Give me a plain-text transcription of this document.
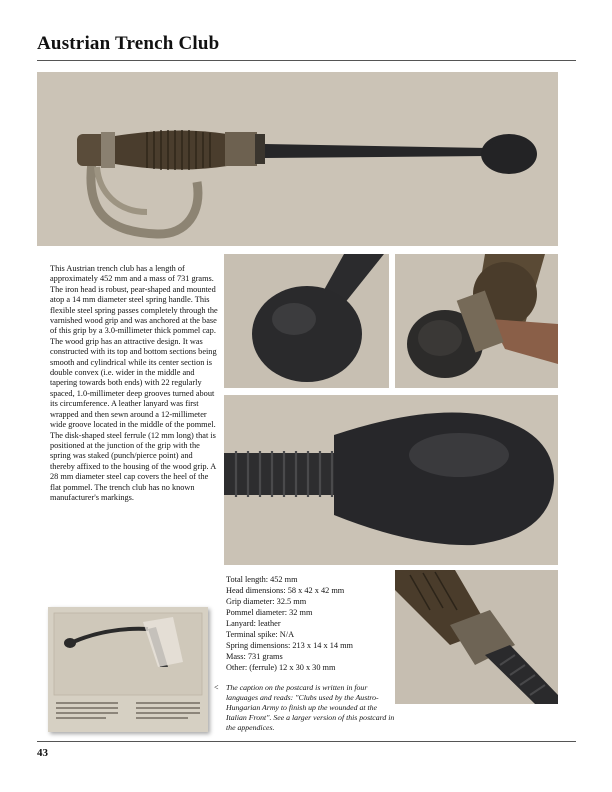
Austrian Trench Club
This Austrian trench club has a length of approximately 452 mm and a mass of 731 grams. The iron head is robust, pear-shaped and mounted atop a 14 mm diameter steel spring handle. This flexible steel spring passes completely through the varnished wood grip and was anchored at the base of this grip by a 3.0-millimeter thick pommel cap. The wood grip has an attractive design. It was constructed with its top and bottom sections being smooth and cylindrical while its center section is double convex (i.e. wider in the middle and tapering towards both ends) with 22 regularly spaced, 1.0-millimeter deep grooves turned about its circumference. A leather lanyard was first wrapped and then sewn around a 12-millimeter wide groove located in the middle of the pommel. The disk-shaped steel ferrule (12 mm long) that is positioned at the junction of the grip with the spring was staked (punch/pierce point) and thereby affixed to the housing of the wood grip. A 28 mm diameter steel cap covers the heel of the flat pommel. The trench club has no known manufacturer's markings.
Total length: 452 mm
Head dimensions: 58 x 42 x 42 mm
Grip diameter: 32.5 mm
Pommel diameter: 32 mm
Lanyard: leather
Terminal spike: N/A
Spring dimensions: 213 x 14 x 14 mm
Mass: 731 grams
Other: (ferrule) 12 x 30 x 30 mm
< The caption on the postcard is written in four languages and reads: "Clubs used by the Austro-Hungarian Army to finish up the wounded at the Italian Front". See a larger version of this postcard in the appendices.
43
